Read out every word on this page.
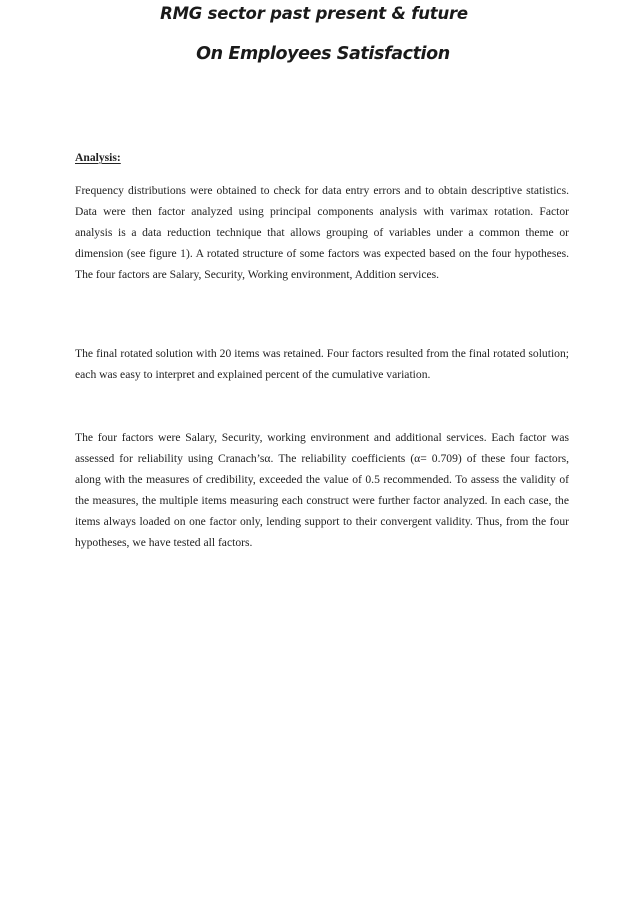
RMG sector past present & future
On Employees Satisfaction
Analysis:

Frequency distributions were obtained to check for data entry errors and to obtain descriptive statistics. Data were then factor analyzed using principal components analysis with varimax rotation. Factor analysis is a data reduction technique that allows grouping of variables under a common theme or dimension (see figure 1). A rotated structure of some factors was expected based on the four hypotheses. The four factors are Salary, Security, Working environment, Addition services.

The final rotated solution with 20 items was retained. Four factors resulted from the final rotated solution; each was easy to interpret and explained percent of the cumulative variation.

The four factors were Salary, Security, working environment and additional services. Each factor was assessed for reliability using Cranach’sα. The reliability coefficients (α= 0.709) of these four factors, along with the measures of credibility, exceeded the value of 0.5 recommended. To assess the validity of the measures, the multiple items measuring each construct were further factor analyzed. In each case, the items always loaded on one factor only, lending support to their convergent validity. Thus, from the four hypotheses, we have tested all factors.
